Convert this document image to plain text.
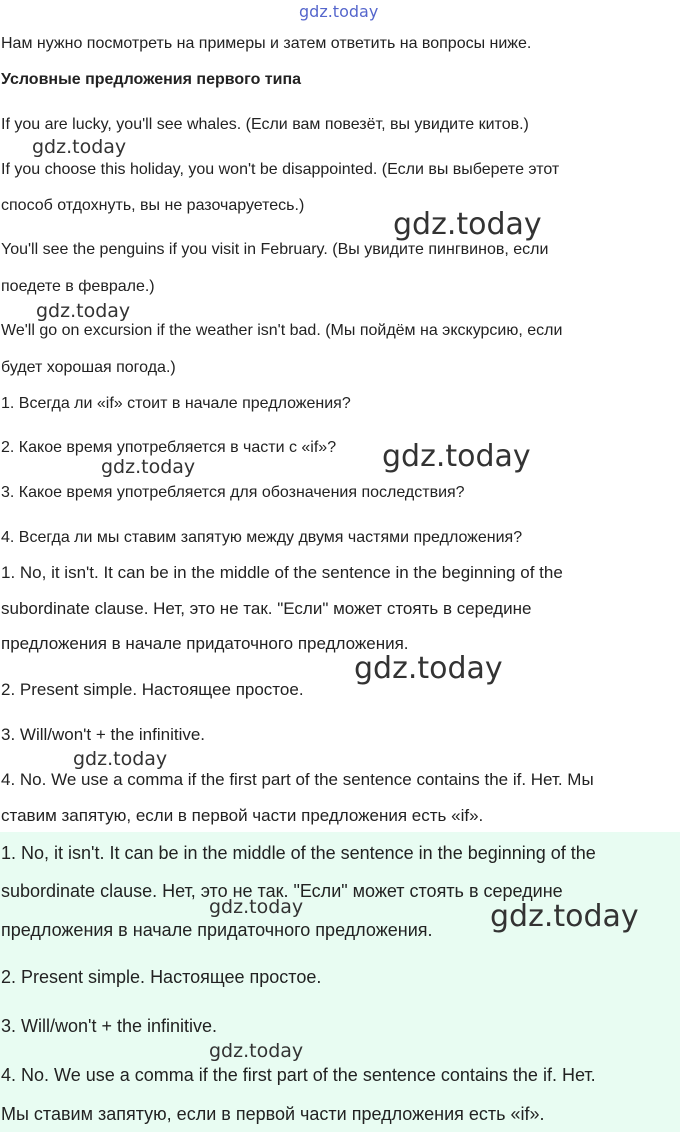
gdz.today
Нам нужно посмотреть на примеры и затем ответить на вопросы ниже.
Условные предложения первого типа
If you are lucky, you'll see whales. (Если вам повезёт, вы увидите китов.)
If you choose this holiday, you won't be disappointed. (Если вы выберете этот
способ отдохнуть, вы не разочаруетесь.)
You'll see the penguins if you visit in February. (Вы увидите пингвинов, если
поедете в феврале.)
We'll go on excursion if the weather isn't bad. (Мы пойдём на экскурсию, если
будет хорошая погода.)
1. Всегда ли «if» стоит в начале предложения?
2. Какое время употребляется в части с «if»?
3. Какое время употребляется для обозначения последствия?
4. Всегда ли мы ставим запятую между двумя частями предложения?
1. No, it isn't. It can be in the middle of the sentence in the beginning of the
subordinate clause. Нет, это не так. "Если" может стоять в середине
предложения в начале придаточного предложения.
2. Present simple. Настоящее простое.
3. Will/won't + the infinitive.
4. No. We use a comma if the first part of the sentence contains the if. Нет. Мы
ставим запятую, если в первой части предложения есть «if».
1. No, it isn't. It can be in the middle of the sentence in the beginning of the
subordinate clause. Нет, это не так. "Если" может стоять в середине
предложения в начале придаточного предложения.
2. Present simple. Настоящее простое.
3. Will/won't + the infinitive.
4. No. We use a comma if the first part of the sentence contains the if. Нет.
Мы ставим запятую, если в первой части предложения есть «if».
gdz.today
gdz.today
gdz.today
gdz.today
gdz.today
gdz.today
gdz.today
gdz.today	gdz.today
gdz.today
